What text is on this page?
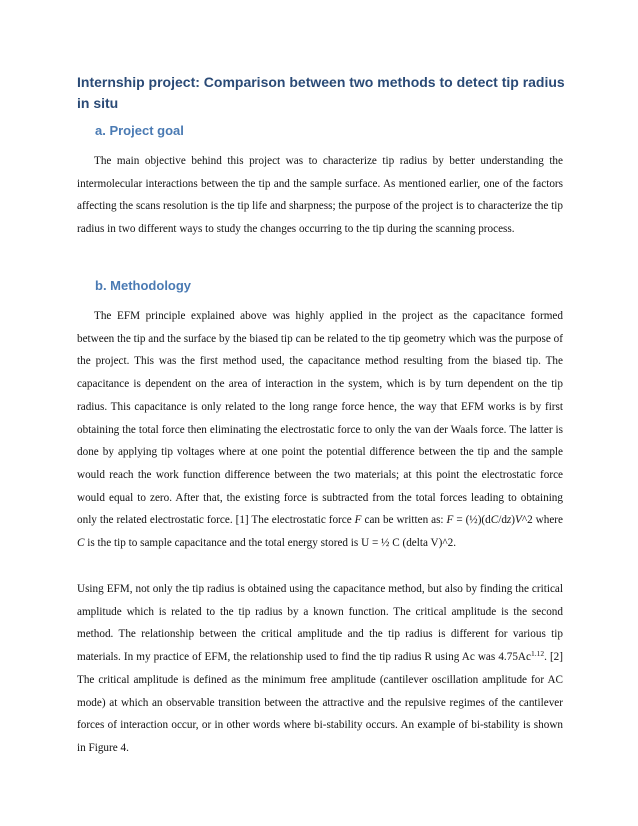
Internship project: Comparison between two methods to detect tip radius in situ
a. Project goal
The main objective behind this project was to characterize tip radius by better understanding the intermolecular interactions between the tip and the sample surface. As mentioned earlier, one of the factors affecting the scans resolution is the tip life and sharpness; the purpose of the project is to characterize the tip radius in two different ways to study the changes occurring to the tip during the scanning process.
b. Methodology
The EFM principle explained above was highly applied in the project as the capacitance formed between the tip and the surface by the biased tip can be related to the tip geometry which was the purpose of the project. This was the first method used, the capacitance method resulting from the biased tip. The capacitance is dependent on the area of interaction in the system, which is by turn dependent on the tip radius. This capacitance is only related to the long range force hence, the way that EFM works is by first obtaining the total force then eliminating the electrostatic force to only the van der Waals force. The latter is done by applying tip voltages where at one point the potential difference between the tip and the sample would reach the work function difference between the two materials; at this point the electrostatic force would equal to zero. After that, the existing force is subtracted from the total forces leading to obtaining only the related electrostatic force. [1] The electrostatic force F can be written as: F = (½)(dC/dz)V^2 where C is the tip to sample capacitance and the total energy stored is U = ½ C (delta V)^2.
Using EFM, not only the tip radius is obtained using the capacitance method, but also by finding the critical amplitude which is related to the tip radius by a known function. The critical amplitude is the second method. The relationship between the critical amplitude and the tip radius is different for various tip materials. In my practice of EFM, the relationship used to find the tip radius R using Ac was $4.75Ac^{1.12}$. [2] The critical amplitude is defined as the minimum free amplitude (cantilever oscillation amplitude for AC mode) at which an observable transition between the attractive and the repulsive regimes of the cantilever forces of interaction occur, or in other words where bi-stability occurs. An example of bi-stability is shown in Figure 4.
